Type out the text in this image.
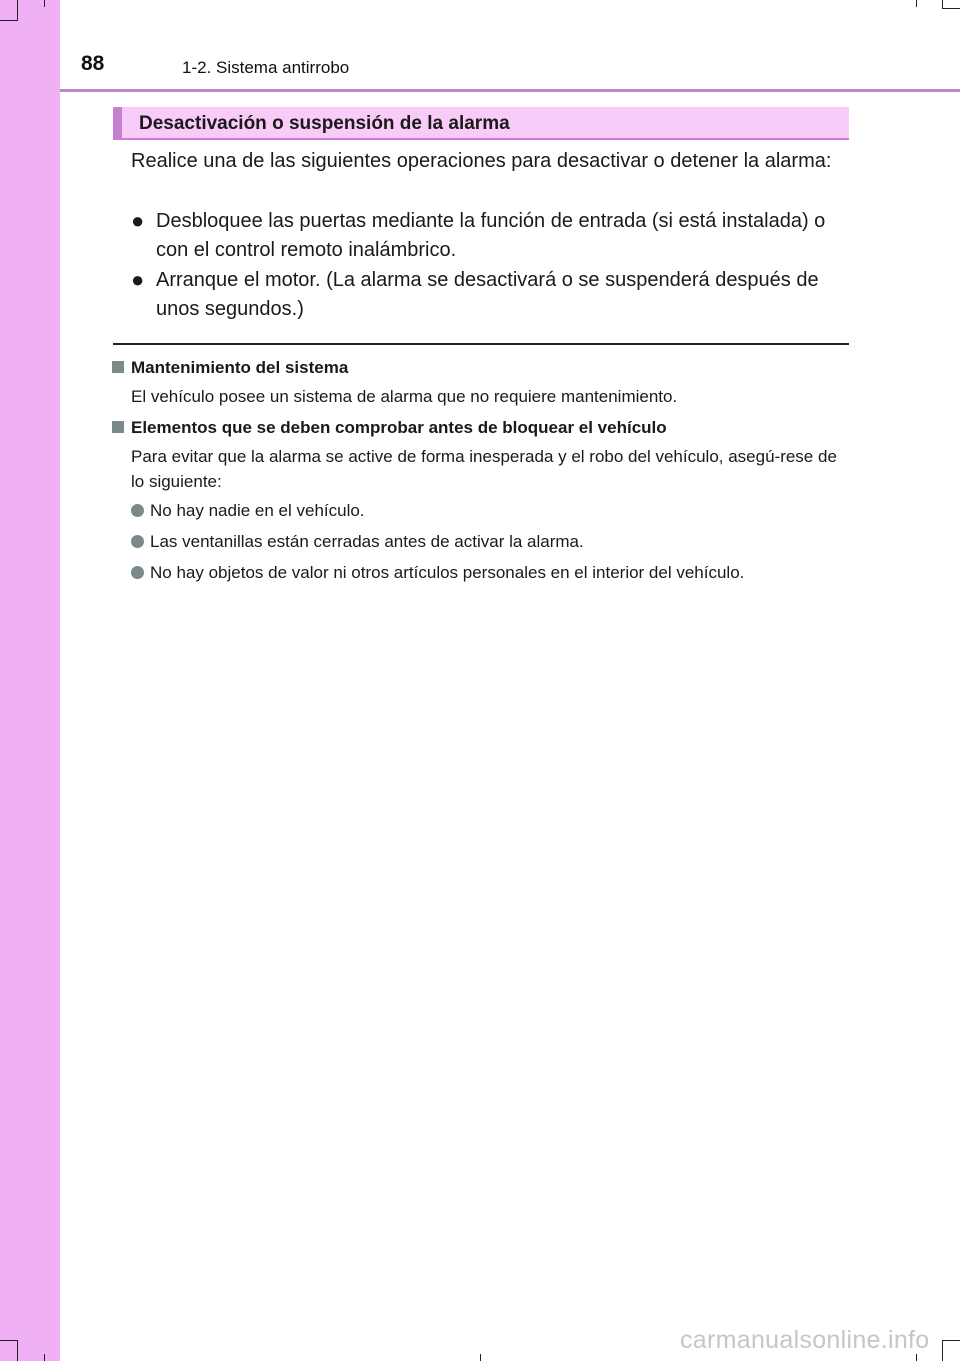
88	1-2. Sistema antirrobo
Desactivación o suspensión de la alarma
Realice una de las siguientes operaciones para desactivar o detener la alarma:
● Desbloquee las puertas mediante la función de entrada (si está instalada) o con el control remoto inalámbrico.
● Arranque el motor. (La alarma se desactivará o se suspenderá después de unos segundos.)
Mantenimiento del sistema
El vehículo posee un sistema de alarma que no requiere mantenimiento.
Elementos que se deben comprobar antes de bloquear el vehículo
Para evitar que la alarma se active de forma inesperada y el robo del vehículo, asegú-rese de lo siguiente:
No hay nadie en el vehículo.
Las ventanillas están cerradas antes de activar la alarma.
No hay objetos de valor ni otros artículos personales en el interior del vehículo.
carmanualsonline.info
